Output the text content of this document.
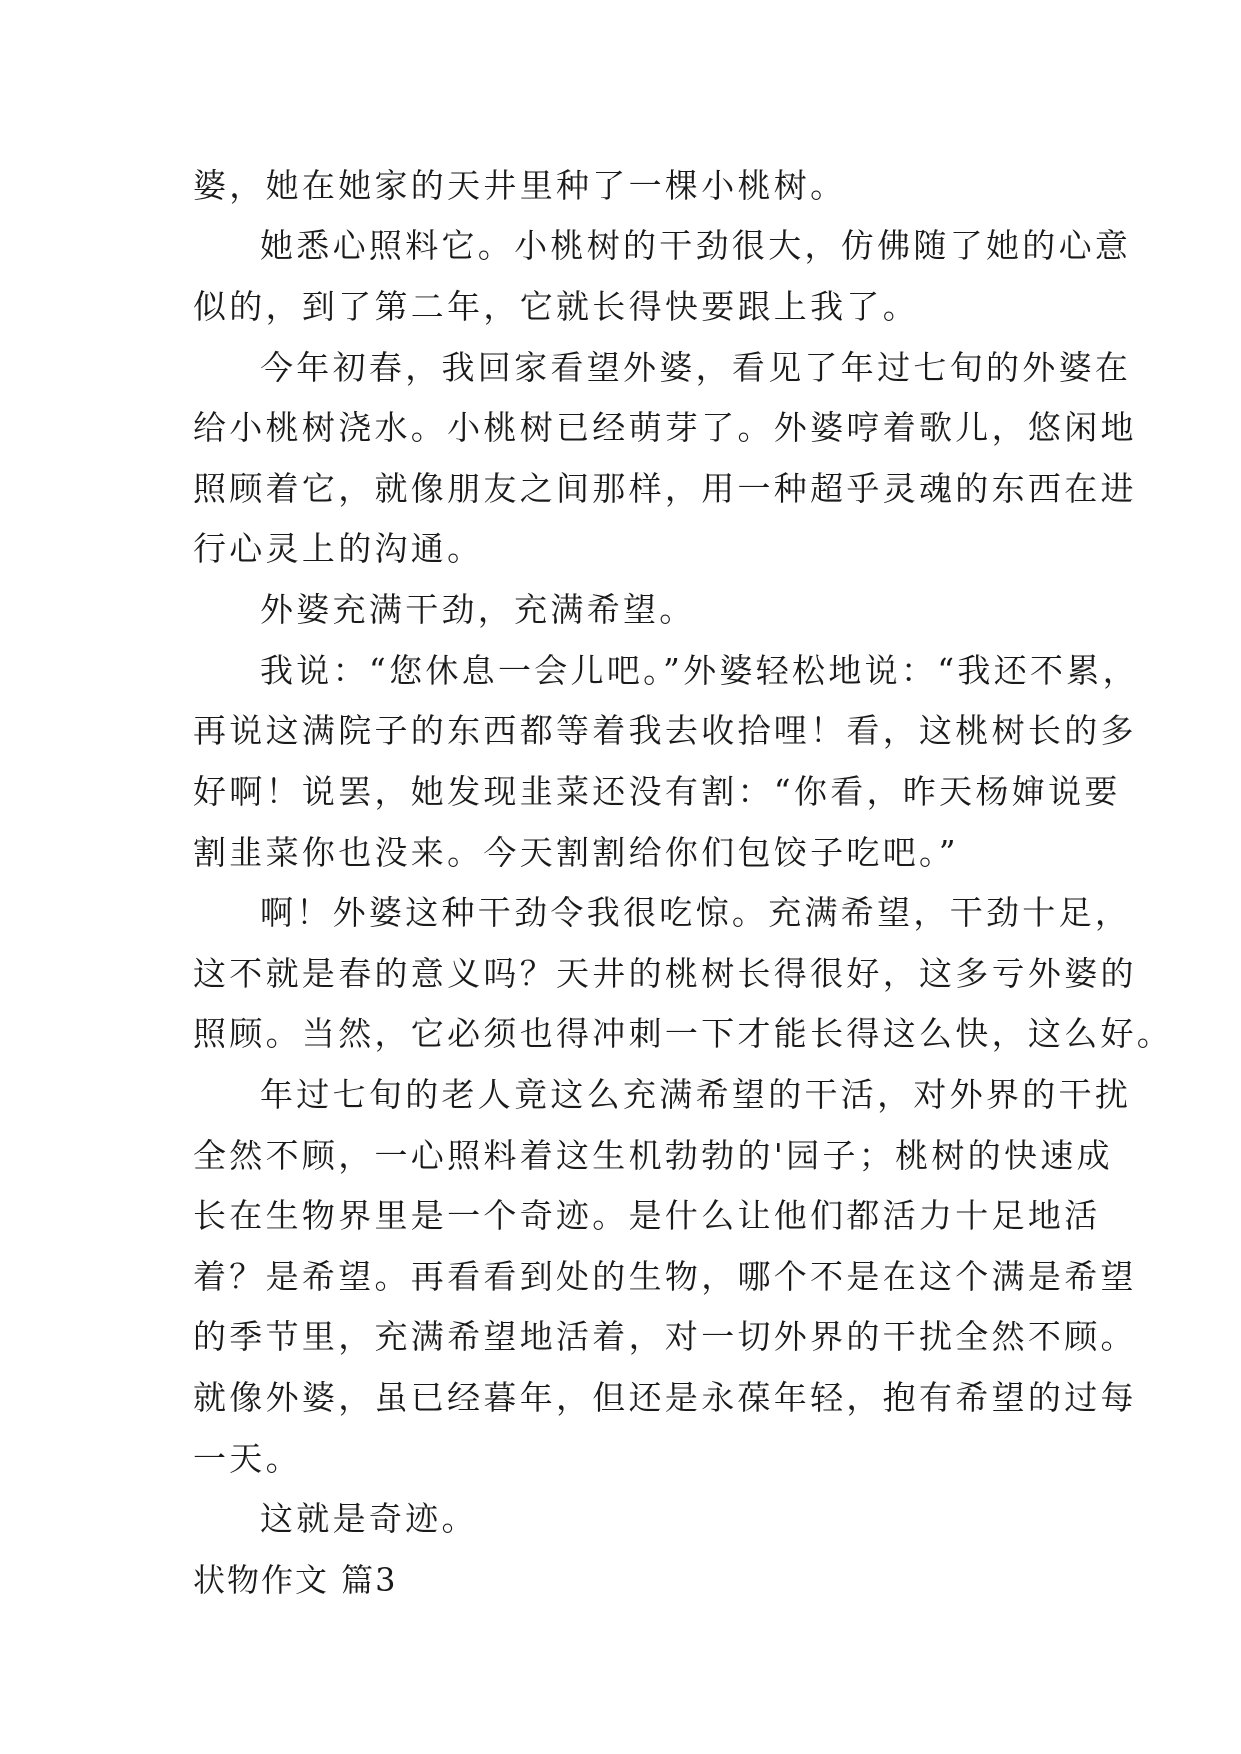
婆，她在她家的天井里种了一棵小桃树。
她悉心照料它。小桃树的干劲很大，仿佛随了她的心意
似的，到了第二年，它就长得快要跟上我了。
今年初春，我回家看望外婆，看见了年过七旬的外婆在
给小桃树浇水。小桃树已经萌芽了。外婆哼着歌儿，悠闲地
照顾着它，就像朋友之间那样，用一种超乎灵魂的东西在进
行心灵上的沟通。
外婆充满干劲，充满希望。
我说：“您休息一会儿吧。”外婆轻松地说：“我还不累，
再说这满院子的东西都等着我去收拾哩！看，这桃树长的多
好啊！说罢，她发现韭菜还没有割：“你看，昨天杨婶说要
割韭菜你也没来。今天割割给你们包饺子吃吧。”
啊！外婆这种干劲令我很吃惊。充满希望，干劲十足，
这不就是春的意义吗？天井的桃树长得很好，这多亏外婆的
照顾。当然，它必须也得冲刺一下才能长得这么快，这么好。
年过七旬的老人竟这么充满希望的干活，对外界的干扰
全然不顾，一心照料着这生机勃勃的'园子；桃树的快速成
长在生物界里是一个奇迹。是什么让他们都活力十足地活
着？是希望。再看看到处的生物，哪个不是在这个满是希望
的季节里，充满希望地活着，对一切外界的干扰全然不顾。
就像外婆，虽已经暮年，但还是永葆年轻，抱有希望的过每
一天。
这就是奇迹。
状物作文 篇3
